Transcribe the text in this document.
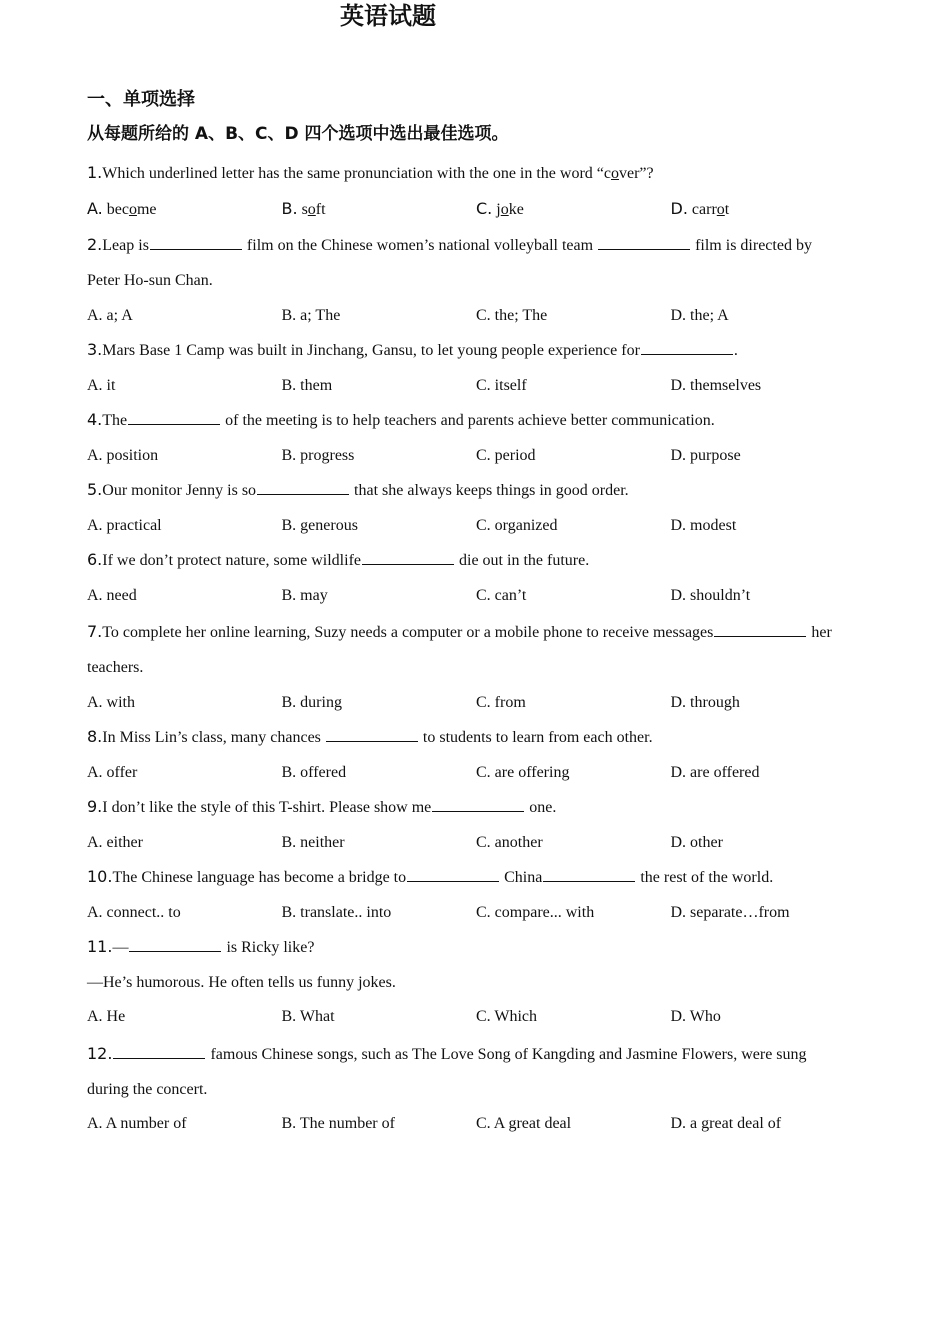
英语试题
一、单项选择
从每题所给的 A、B、C、D 四个选项中选出最佳选项。
1.Which underlined letter has the same pronunciation with the one in the word “cover”?
A. become	B. soft	C. joke	D. carrot
2.Leap is	film on the Chinese women’s national volleyball team	film is directed by
Peter Ho-sun Chan.
A. a; A	B. a; The	C. the; The	D. the; A
3.Mars Base 1 Camp was built in Jinchang, Gansu, to let young people experience for	.
A. it	B. them	C. itself	D. themselves
4.The	of the meeting is to help teachers and parents achieve better communication.
A. position	B. progress	C. period	D. purpose
5.Our monitor Jenny is so	that she always keeps things in good order.
A. practical	B. generous	C. organized	D. modest
6.If we don’t protect nature, some wildlife	die out in the future.
A. need	B. may	C. can’t	D. shouldn’t
7.To complete her online learning, Suzy needs a computer or a mobile phone to receive messages	her
teachers.
A. with	B. during	C. from	D. through
8.In Miss Lin’s class, many chances	to students to learn from each other.
A. offer	B. offered	C. are offering	D. are offered
9.I don’t like the style of this T-shirt. Please show me	one.
A. either	B. neither	C. another	D. other
10.The Chinese language has become a bridge to	China	the rest of the world.
A. connect.. to	B. translate.. into	C. compare... with	D. separate…from
11.—	is Ricky like?
—He’s humorous. He often tells us funny jokes.
A. He	B. What	C. Which	D. Who
12.	famous Chinese songs, such as The Love Song of Kangding and Jasmine Flowers, were sung
during the concert.
A. A number of	B. The number of	C. A great deal	D. a great deal of
